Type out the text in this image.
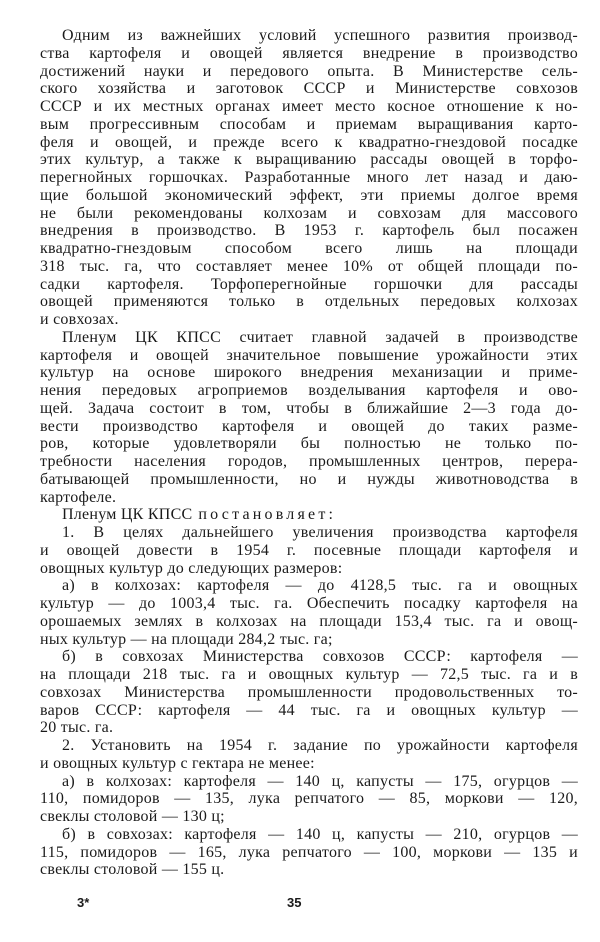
Одним из важнейших условий успешного развития производ-
ства картофеля и овощей является внедрение в производство
достижений науки и передового опыта. В Министерстве сель-
ского хозяйства и заготовок СССР и Министерстве совхозов
СССР и их местных органах имеет место косное отношение к но-
вым прогрессивным способам и приемам выращивания карто-
феля и овощей, и прежде всего к квадратно-гнездовой посадке
этих культур, а также к выращиванию рассады овощей в торфо-
перегнойных горшочках. Разработанные много лет назад и даю-
щие большой экономический эффект, эти приемы долгое время
не были рекомендованы колхозам и совхозам для массового
внедрения в производство. В 1953 г. картофель был посажен
квадратно-гнездовым способом всего лишь на площади
318 тыс. га, что составляет менее 10% от общей площади по-
садки картофеля. Торфоперегнойные горшочки для рассады
овощей применяются только в отдельных передовых колхозах
и совхозах.
Пленум ЦК КПСС считает главной задачей в производстве
картофеля и овощей значительное повышение урожайности этих
культур на основе широкого внедрения механизации и приме-
нения передовых агроприемов возделывания картофеля и ово-
щей. Задача состоит в том, чтобы в ближайшие 2—3 года до-
вести производство картофеля и овощей до таких разме-
ров, которые удовлетворяли бы полностью не только по-
требности населения городов, промышленных центров, перера-
батывающей промышленности, но и нужды животноводства в
картофеле.
Пленум ЦК КПСС постановляет:
1. В целях дальнейшего увеличения производства картофеля
и овощей довести в 1954 г. посевные площади картофеля и
овощных культур до следующих размеров:
а) в колхозах: картофеля — до 4128,5 тыс. га и овощных
культур — до 1003,4 тыс. га. Обеспечить посадку картофеля на
орошаемых землях в колхозах на площади 153,4 тыс. га и овощ-
ных культур — на площади 284,2 тыс. га;
б) в совхозах Министерства совхозов СССР: картофеля —
на площади 218 тыс. га и овощных культур — 72,5 тыс. га и в
совхозах Министерства промышленности продовольственных то-
варов СССР: картофеля — 44 тыс. га и овощных культур —
20 тыс. га.
2. Установить на 1954 г. задание по урожайности картофеля
и овощных культур с гектара не менее:
а) в колхозах: картофеля — 140 ц, капусты — 175, огурцов —
110, помидоров — 135, лука репчатого — 85, моркови — 120,
свеклы столовой — 130 ц;
б) в совхозах: картофеля — 140 ц, капусты — 210, огурцов —
115, помидоров — 165, лука репчатого — 100, моркови — 135 и
свеклы столовой — 155 ц.
3*	35
